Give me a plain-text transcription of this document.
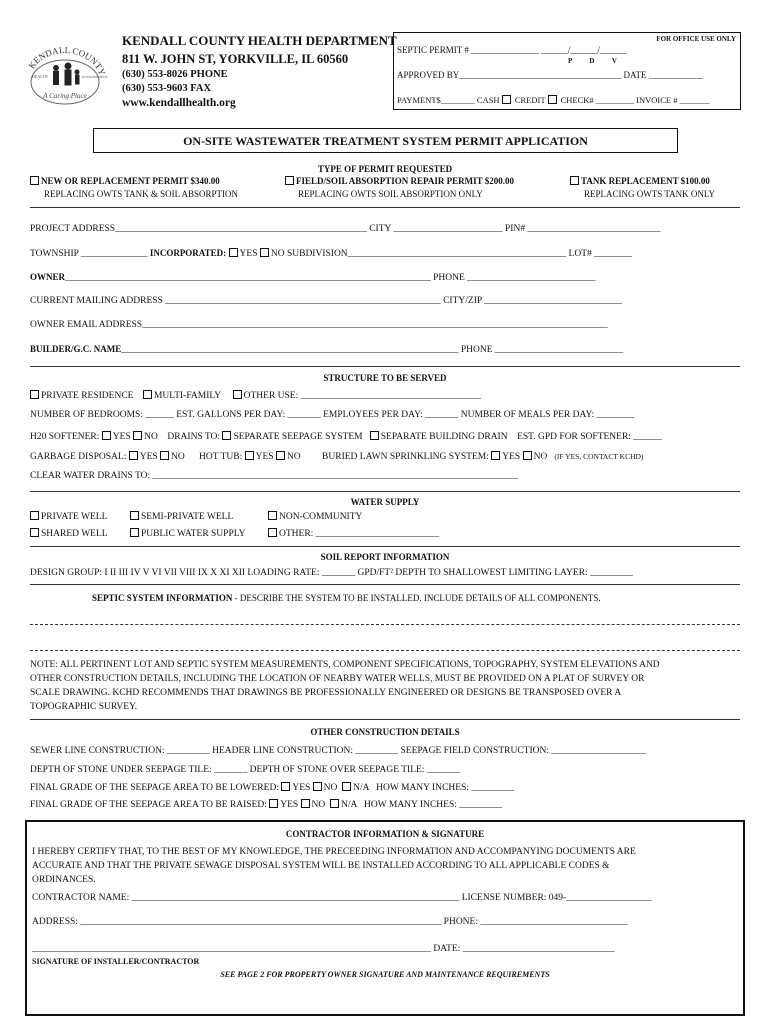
KENDALL COUNTY
HEALTH	ENVIRONMENT
A Caring Place
KENDALL COUNTY HEALTH DEPARTMENT
811 W. JOHN ST, YORKVILLE, IL 60560
(630) 553-8026 PHONE
(630) 553-9603 FAX
www.kendallhealth.org
FOR OFFICE USE ONLY
SEPTIC PERMIT # _______________ ______/______/______
P          D          V
APPROVED BY____________________________________ DATE ____________
PAYMENT$________ CASH CREDIT CHECK# _________ INVOICE # _______
ON-SITE WASTEWATER TREATMENT SYSTEM PERMIT APPLICATION
TYPE OF PERMIT REQUESTED
NEW OR REPLACEMENT PERMIT $340.00
REPLACING OWTS TANK & SOIL ABSORPTION
FIELD/SOIL ABSORPTION REPAIR PERMIT $200.00
REPLACING OWTS SOIL ABSORPTION ONLY
TANK REPLACEMENT $100.00
REPLACING OWTS TANK ONLY
PROJECT ADDRESS_____________________________________________________ CITY _______________________ PIN# ____________________________
TOWNSHIP ______________ INCORPORATED: YES NO SUBDIVISION______________________________________________ LOT# ________
OWNER_____________________________________________________________________________ PHONE ___________________________
CURRENT MAILING ADDRESS __________________________________________________________ CITY/ZIP _____________________________
OWNER EMAIL ADDRESS__________________________________________________________________________________________________
BUILDER/G.C. NAME_______________________________________________________________________ PHONE ___________________________
STRUCTURE TO BE SERVED
PRIVATE RESIDENCE MULTI-FAMILY OTHER USE: ______________________________________
NUMBER OF BEDROOMS: ______ EST. GALLONS PER DAY: _______ EMPLOYEES PER DAY: _______ NUMBER OF MEALS PER DAY: ________
H20 SOFTENER: YES NO DRAINS TO: SEPARATE SEEPAGE SYSTEM SEPARATE BUILDING DRAIN EST. GPD FOR SOFTENER: ______
GARBAGE DISPOSAL: YES NO HOT TUB: YES NO BURIED LAWN SPRINKLING SYSTEM: YES NO (IF YES, CONTACT KCHD)
CLEAR WATER DRAINS TO: _____________________________________________________________________________
WATER SUPPLY
PRIVATE WELL	SEMI-PRIVATE WELL	NON-COMMUNITY
SHARED WELL	PUBLIC WATER SUPPLY	OTHER: __________________________
SOIL REPORT INFORMATION
DESIGN GROUP: I II III IV V VI VII VIII IX X XI XII LOADING RATE: _______ GPD/FT² DEPTH TO SHALLOWEST LIMITING LAYER: _________
SEPTIC SYSTEM INFORMATION - DESCRIBE THE SYSTEM TO BE INSTALLED. INCLUDE DETAILS OF ALL COMPONENTS.
NOTE: ALL PERTINENT LOT AND SEPTIC SYSTEM MEASUREMENTS, COMPONENT SPECIFICATIONS, TOPOGRAPHY, SYSTEM ELEVATIONS AND
OTHER CONSTRUCTION DETAILS, INCLUDING THE LOCATION OF NEARBY WATER WELLS, MUST BE PROVIDED ON A PLAT OF SURVEY OR
SCALE DRAWING. KCHD RECOMMENDS THAT DRAWINGS BE PROFESSIONALLY ENGINEERED OR DESIGNS BE TRANSPOSED OVER A
TOPOGRAPHIC SURVEY.
OTHER CONSTRUCTION DETAILS
SEWER LINE CONSTRUCTION: _________ HEADER LINE CONSTRUCTION: _________ SEEPAGE FIELD CONSTRUCTION: ____________________
DEPTH OF STONE UNDER SEEPAGE TILE: _______ DEPTH OF STONE OVER SEEPAGE TILE: _______
FINAL GRADE OF THE SEEPAGE AREA TO BE LOWERED: YES NO N/A HOW MANY INCHES: _________
FINAL GRADE OF THE SEEPAGE AREA TO BE RAISED: YES NO N/A HOW MANY INCHES: _________
CONTRACTOR INFORMATION & SIGNATURE
I HEREBY CERTIFY THAT, TO THE BEST OF MY KNOWLEDGE, THE PRECEEDING INFORMATION AND ACCOMPANYING DOCUMENTS ARE
ACCURATE AND THAT THE PRIVATE SEWAGE DISPOSAL SYSTEM WILL BE INSTALLED ACCORDING TO ALL APPLICABLE CODES &
ORDINANCES.
CONTRACTOR NAME: _____________________________________________________________________ LICENSE NUMBER: 049-__________________
ADDRESS: ____________________________________________________________________________ PHONE: _______________________________
____________________________________________________________________________________ DATE: ________________________________
SIGNATURE OF INSTALLER/CONTRACTOR
SEE PAGE 2 FOR PROPERTY OWNER SIGNATURE AND MAINTENANCE REQUIREMENTS
